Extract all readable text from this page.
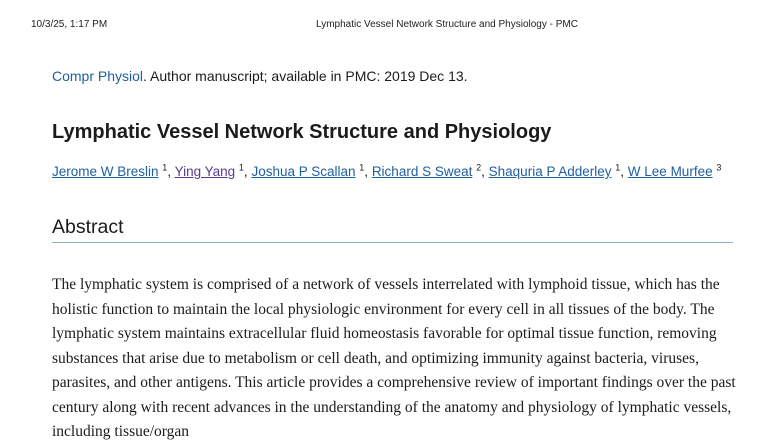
10/3/25, 1:17 PM	Lymphatic Vessel Network Structure and Physiology - PMC
Compr Physiol. Author manuscript; available in PMC: 2019 Dec 13.
Lymphatic Vessel Network Structure and Physiology
Jerome W Breslin $^1$, Ying Yang $^1$, Joshua P Scallan $^1$, Richard S Sweat $^2$, Shaquria P Adderley $^1$, W Lee Murfee $^3$
Abstract

The lymphatic system is comprised of a network of vessels interrelated with lymphoid tissue, which has the holistic function to maintain the local physiologic environment for every cell in all tissues of the body. The lymphatic system maintains extracellular fluid homeostasis favorable for optimal tissue function, removing substances that arise due to metabolism or cell death, and optimizing immunity against bacteria, viruses, parasites, and other antigens. This article provides a comprehensive review of important findings over the past century along with recent advances in the understanding of the anatomy and physiology of lymphatic vessels, including tissue/organ
